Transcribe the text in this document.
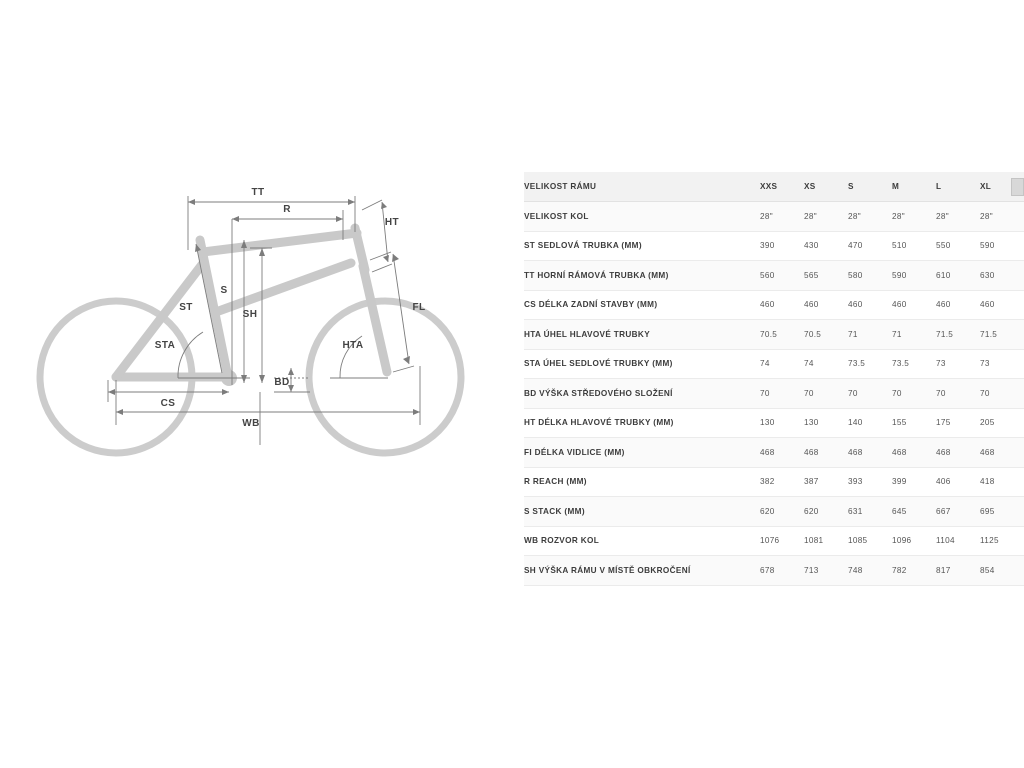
TT
R
HT
ST
S
SH
FL
STA	HTA
BD
CS
WB
VELIKOST RÁMU	XXS	XS	S	M	L	XL
VELIKOST KOL	28"	28"	28"	28"	28"	28"
ST SEDLOVÁ TRUBKA (MM)	390	430	470	510	550	590
TT HORNÍ RÁMOVÁ TRUBKA (MM)	560	565	580	590	610	630
CS DÉLKA ZADNÍ STAVBY (MM)	460	460	460	460	460	460
HTA ÚHEL HLAVOVÉ TRUBKY	70.5	70.5	71	71	71.5	71.5
STA ÚHEL SEDLOVÉ TRUBKY (MM)	74	74	73.5	73.5	73	73
BD VÝŠKA STŘEDOVÉHO SLOŽENÍ	70	70	70	70	70	70
HT DÉLKA HLAVOVÉ TRUBKY (MM)	130	130	140	155	175	205
FI DÉLKA VIDLICE (MM)	468	468	468	468	468	468
R REACH (MM)	382	387	393	399	406	418
S STACK (MM)	620	620	631	645	667	695
WB ROZVOR KOL	1076	1081	1085	1096	1104	1125
SH VÝŠKA RÁMU V MÍSTĚ OBKROČENÍ	678	713	748	782	817	854
